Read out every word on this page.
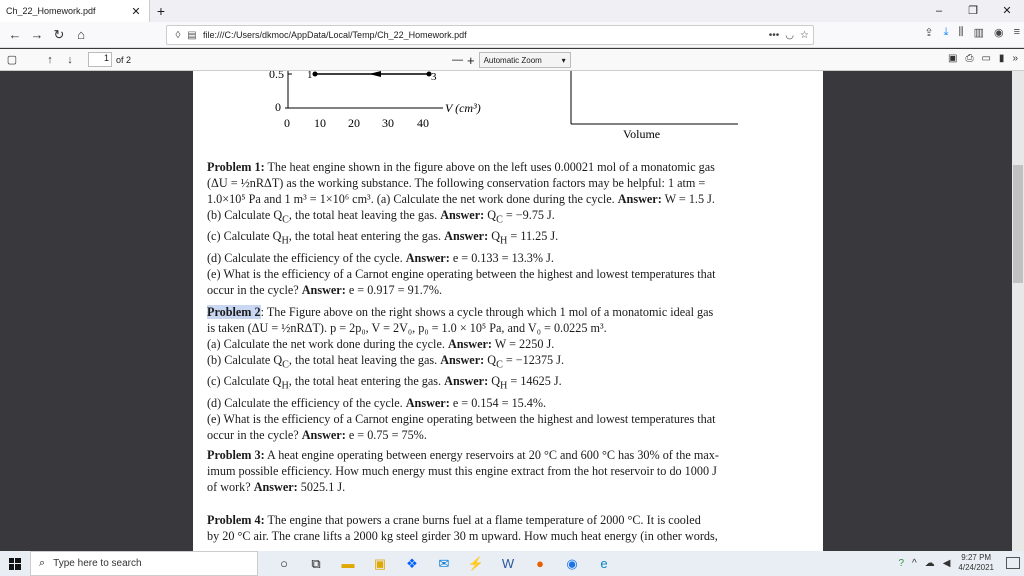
Ch_22_Homework.pdf	✕	+	–	❐	✕
← → ↻ ⌂	◊ ▤ file:///C:/Users/dkmoc/AppData/Local/Temp/Ch_22_Homework.pdf	••• ◡ ☆	⇪ ⤓ ⫼ ▥ ◉ ≡
▢	↑	↓	1 of 2	— + Automatic Zoom ▾	▣ ⎙ ▭ ▮ »
0.5
0
1	3
0 10 20 30 40
V (cm³)
Volume

Problem 1: The heat engine shown in the figure above on the left uses 0.00021 mol of a monatomic gas

(ΔU = ½nRΔT) as the working substance. The following conservation factors may be helpful: 1 atm =

1.0×10⁵ Pa and 1 m³ = 1×10⁶ cm³. (a) Calculate the net work done during the cycle. Answer: W = 1.5 J.

(b) Calculate $Q_C$, the total heat leaving the gas. Answer: $Q_C = -9.75$ J.

(c) Calculate $Q_H$, the total heat entering the gas. Answer: $Q_H = 11.25$ J.

(d) Calculate the efficiency of the cycle. Answer: e = 0.133 = 13.3% J.

(e) What is the efficiency of a Carnot engine operating between the highest and lowest temperatures that

occur in the cycle? Answer: e = 0.917 = 91.7%.

Problem 2: The Figure above on the right shows a cycle through which 1 mol of a monatomic ideal gas

is taken (ΔU = ½nRΔT). p = 2p₀, V = 2V₀, p₀ = 1.0 × 10⁵ Pa, and V₀ = 0.0225 m³.

(a) Calculate the net work done during the cycle. Answer: W = 2250 J.

(b) Calculate $Q_C$, the total heat leaving the gas. Answer: $Q_C = -12375$ J.

(c) Calculate $Q_H$, the total heat entering the gas. Answer: $Q_H = 14625$ J.

(d) Calculate the efficiency of the cycle. Answer: e = 0.154 = 15.4%.

(e) What is the efficiency of a Carnot engine operating between the highest and lowest temperatures that

occur in the cycle? Answer: e = 0.75 = 75%.

Problem 3: A heat engine operating between energy reservoirs at 20 °C and 600 °C has 30% of the max-

imum possible efficiency. How much energy must this engine extract from the hot reservoir to do 1000 J

of work? Answer: 5025.1 J.

Problem 4: The engine that powers a crane burns fuel at a flame temperature of 2000 °C. It is cooled

by 20 °C air. The crane lifts a 2000 kg steel girder 30 m upward. How much heat energy (in other words,

⌕ Type here to search	○	⧉	▬	▣	❖	✉	⚡	W	●	◉	e	? ^ ☁ ◀	9:27 PM
4/24/2021
